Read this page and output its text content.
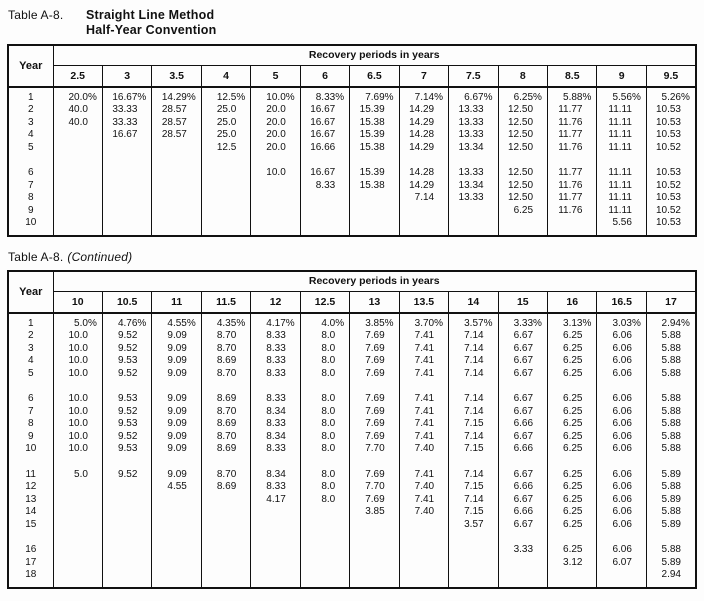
Table A-8.	Straight Line Method
Half-Year Convention
Year	Recovery periods in years												
	2.5	3	3.5	4	5	6	6.5	7	7.5	8	8.5	9	9.5

1	20.0 %	16.67 %	14.29 %	12.5 %	10.0 %	8.33 %	7.69 %	7.14 %	6.67 %	6.25 %	5.88 %	5.56 %	5.26 %

2	40.0	33.33	28.57	25.0	20.0	16.67	15.39	14.29	13.33	12.50	11.77	11.11	10.53

3	40.0	33.33	28.57	25.0	20.0	16.67	15.38	14.29	13.33	12.50	11.76	11.11	10.53

4		16.67	28.57	25.0	20.0	16.67	15.39	14.28	13.33	12.50	11.77	11.11	10.53

5				12.5	20.0	16.66	15.38	14.29	13.34	12.50	11.76	11.11	10.52

6					10.0	16.67	15.39	14.28	13.33	12.50	11.77	11.11	10.53

7						8.33	15.38	14.29	13.34	12.50	11.76	11.11	10.52

8								7.14	13.33	12.50	11.77	11.11	10.53

9										6.25	11.76	11.11	10.52

10												5.56	10.53

Table A-8. (Continued)
Year	Recovery periods in years												
	10	10.5	11	11.5	12	12.5	13	13.5	14	15	16	16.5	17

1	5.0 %	4.76 %	4.55 %	4.35 %	4.17 %	4.0 %	3.85 %	3.70 %	3.57 %	3.33 %	3.13 %	3.03 %	2.94 %

2	10.0	9.52	9.09	8.70	8.33	8.0	7.69	7.41	7.14	6.67	6.25	6.06	5.88

3	10.0	9.52	9.09	8.70	8.33	8.0	7.69	7.41	7.14	6.67	6.25	6.06	5.88

4	10.0	9.53	9.09	8.69	8.33	8.0	7.69	7.41	7.14	6.67	6.25	6.06	5.88

5	10.0	9.52	9.09	8.70	8.33	8.0	7.69	7.41	7.14	6.67	6.25	6.06	5.88

6	10.0	9.53	9.09	8.69	8.33	8.0	7.69	7.41	7.14	6.67	6.25	6.06	5.88

7	10.0	9.52	9.09	8.70	8.34	8.0	7.69	7.41	7.14	6.67	6.25	6.06	5.88

8	10.0	9.53	9.09	8.69	8.33	8.0	7.69	7.41	7.15	6.66	6.25	6.06	5.88

9	10.0	9.52	9.09	8.70	8.34	8.0	7.69	7.41	7.14	6.67	6.25	6.06	5.88

10	10.0	9.53	9.09	8.69	8.33	8.0	7.70	7.40	7.15	6.66	6.25	6.06	5.88

11	5.0	9.52	9.09	8.70	8.34	8.0	7.69	7.41	7.14	6.67	6.25	6.06	5.89

12			4.55	8.69	8.33	8.0	7.70	7.40	7.15	6.66	6.25	6.06	5.88

13					4.17	8.0	7.69	7.41	7.14	6.67	6.25	6.06	5.89

14							3.85	7.40	7.15	6.66	6.25	6.06	5.88

15									3.57	6.67	6.25	6.06	5.89

16										3.33	6.25	6.06	5.88

17											3.12	6.07	5.89

18													2.94
